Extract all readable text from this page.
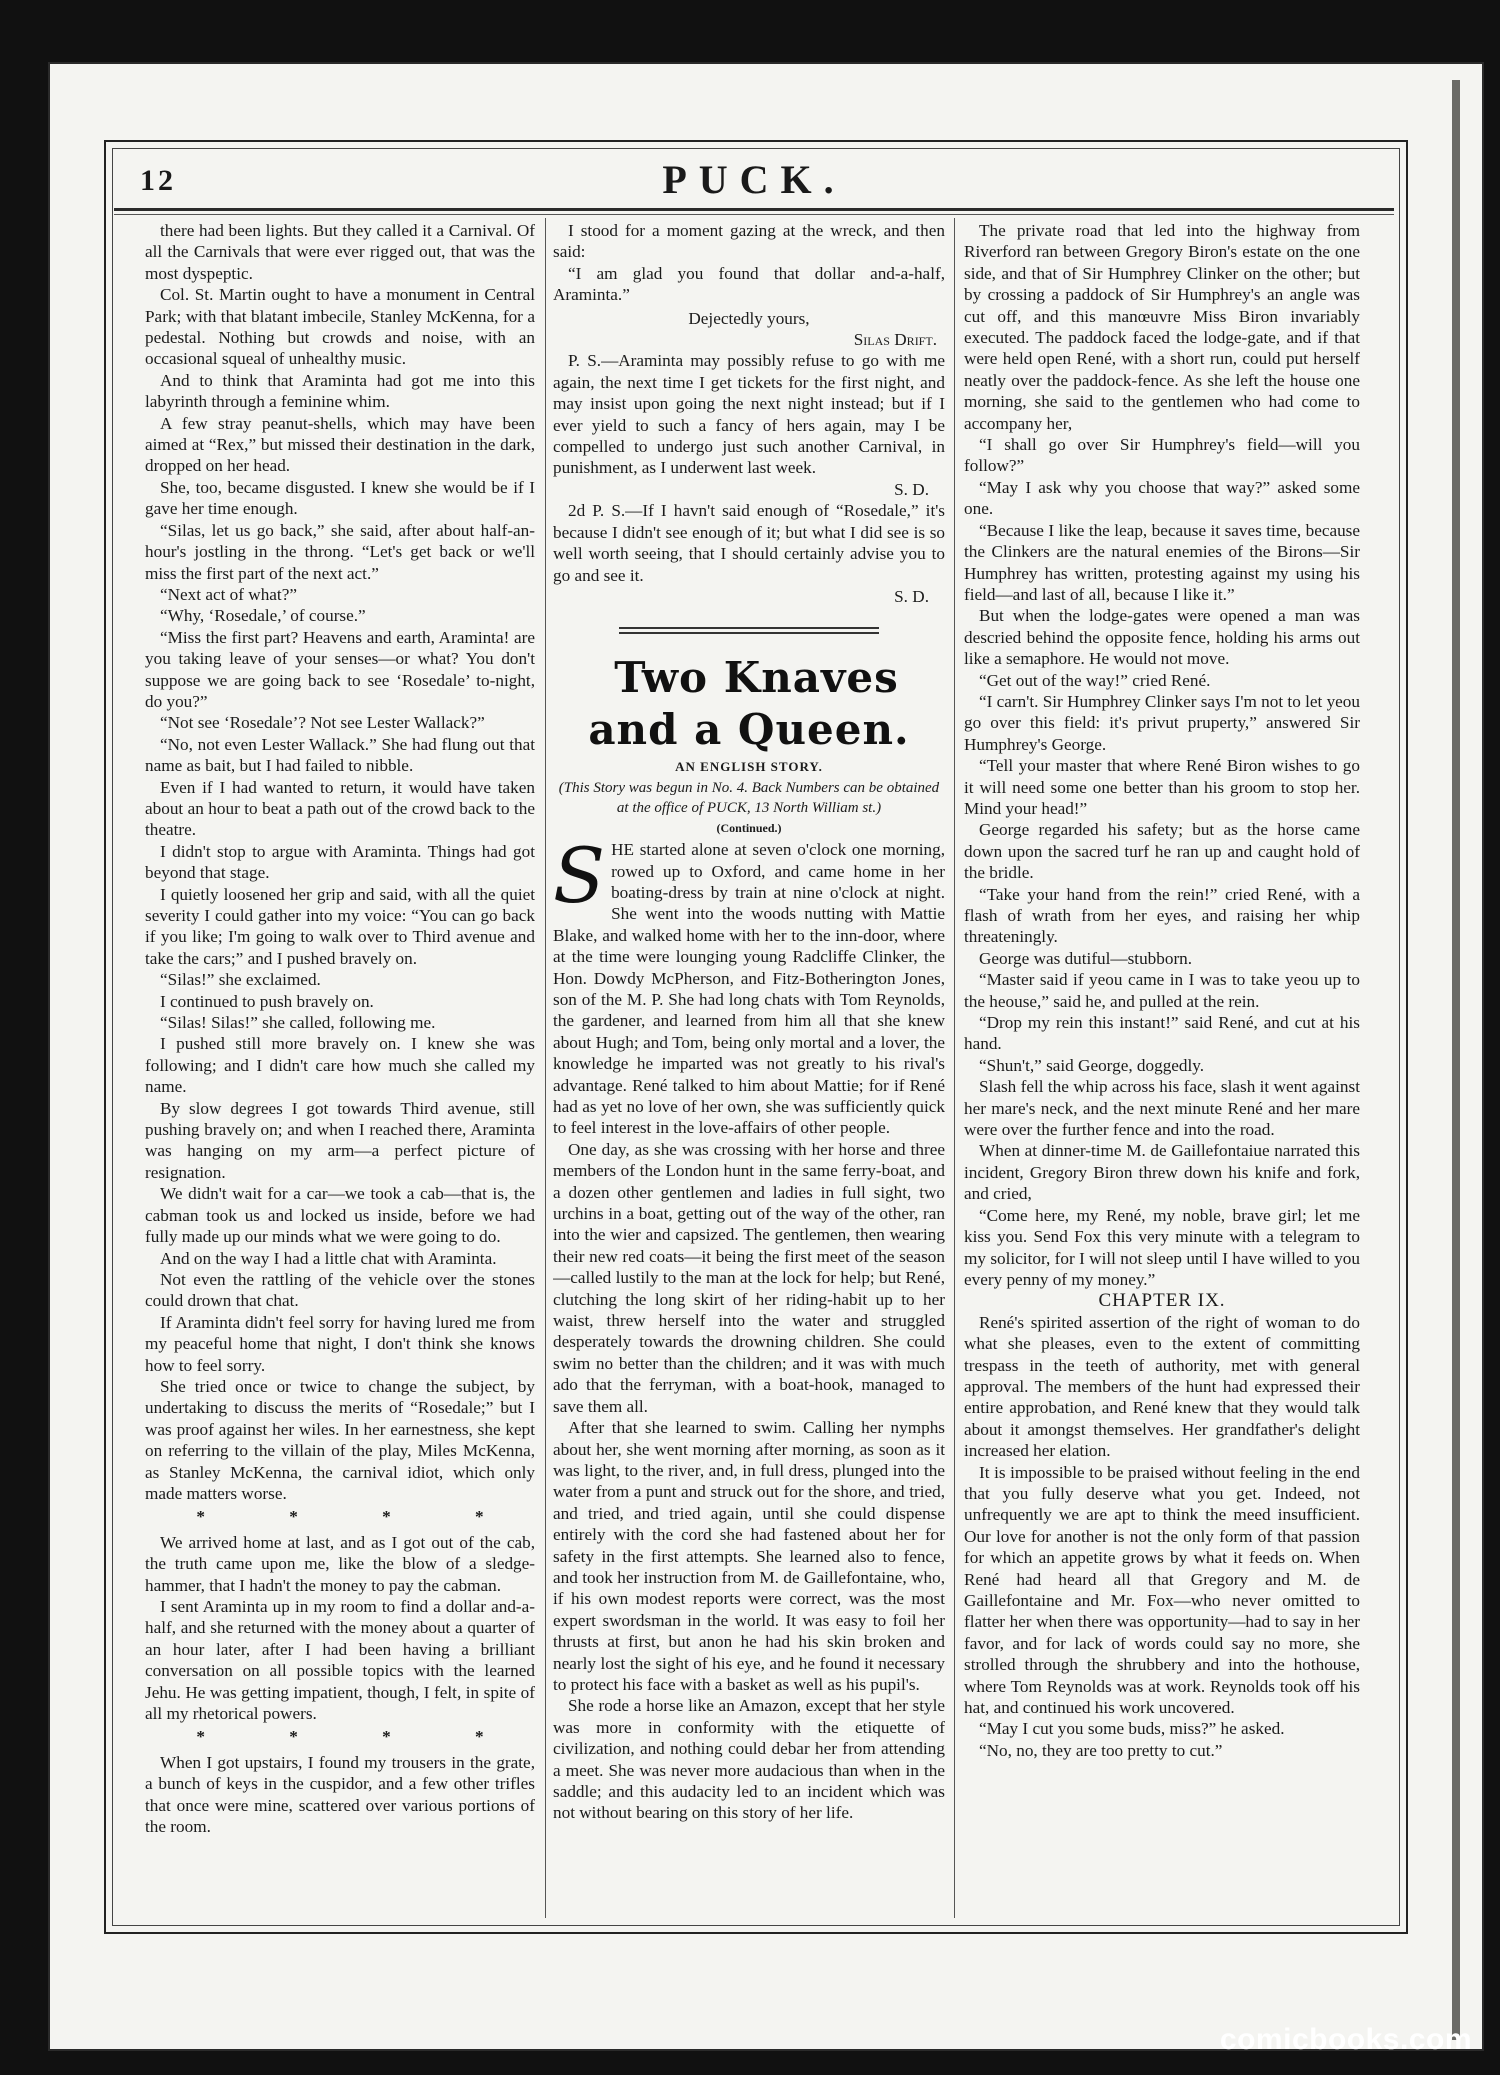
12	PUCK.

there had been lights. But they called it a Carnival. Of all the Carnivals that were ever rigged out, that was the most dyspeptic.

Col. St. Martin ought to have a monument in Central Park; with that blatant imbecile, Stanley McKenna, for a pedestal. Nothing but crowds and noise, with an occasional squeal of unhealthy music.

And to think that Araminta had got me into this labyrinth through a feminine whim.

A few stray peanut-shells, which may have been aimed at “Rex,” but missed their destination in the dark, dropped on her head.

She, too, became disgusted. I knew she would be if I gave her time enough.

“Silas, let us go back,” she said, after about half-an-hour's jostling in the throng. “Let's get back or we'll miss the first part of the next act.”

“Next act of what?”

“Why, ‘Rosedale,’ of course.”

“Miss the first part? Heavens and earth, Araminta! are you taking leave of your senses—or what? You don't suppose we are going back to see ‘Rosedale’ to-night, do you?”

“Not see ‘Rosedale’? Not see Lester Wallack?”

“No, not even Lester Wallack.” She had flung out that name as bait, but I had failed to nibble.

Even if I had wanted to return, it would have taken about an hour to beat a path out of the crowd back to the theatre.

I didn't stop to argue with Araminta. Things had got beyond that stage.

I quietly loosened her grip and said, with all the quiet severity I could gather into my voice: “You can go back if you like; I'm going to walk over to Third avenue and take the cars;” and I pushed bravely on.

“Silas!” she exclaimed.

I continued to push bravely on.

“Silas! Silas!” she called, following me.

I pushed still more bravely on. I knew she was following; and I didn't care how much she called my name.

By slow degrees I got towards Third avenue, still pushing bravely on; and when I reached there, Araminta was hanging on my arm—a perfect picture of resignation.

We didn't wait for a car—we took a cab—that is, the cabman took us and locked us inside, before we had fully made up our minds what we were going to do.

And on the way I had a little chat with Araminta.

Not even the rattling of the vehicle over the stones could drown that chat.

If Araminta didn't feel sorry for having lured me from my peaceful home that night, I don't think she knows how to feel sorry.

She tried once or twice to change the subject, by undertaking to discuss the merits of “Rosedale;” but I was proof against her wiles. In her earnestness, she kept on referring to the villain of the play, Miles McKenna, as Stanley McKenna, the carnival idiot, which only made matters worse.

* * * *

We arrived home at last, and as I got out of the cab, the truth came upon me, like the blow of a sledge-hammer, that I hadn't the money to pay the cabman.

I sent Araminta up in my room to find a dollar and-a-half, and she returned with the money about a quarter of an hour later, after I had been having a brilliant conversation on all possible topics with the learned Jehu. He was getting impatient, though, I felt, in spite of all my rhetorical powers.

* * * *

When I got upstairs, I found my trousers in the grate, a bunch of keys in the cuspidor, and a few other trifles that once were mine, scattered over various portions of the room.

I stood for a moment gazing at the wreck, and then said:

“I am glad you found that dollar and-a-half, Araminta.”

Dejectedly yours,

Silas Drift.

P. S.—Araminta may possibly refuse to go with me again, the next time I get tickets for the first night, and may insist upon going the next night instead; but if I ever yield to such a fancy of hers again, may I be compelled to undergo just such another Carnival, in punishment, as I underwent last week.

S. D.

2d P. S.—If I havn't said enough of “Rosedale,” it's because I didn't see enough of it; but what I did see is so well worth seeing, that I should certainly advise you to go and see it.

S. D.

Two Knaves and a Queen.

AN ENGLISH STORY.

(This Story was begun in No. 4. Back Numbers can be obtained at the office of PUCK, 13 North William st.)

(Continued.)

SHE started alone at seven o'clock one morning, rowed up to Oxford, and came home in her boating-dress by train at nine o'clock at night. She went into the woods nutting with Mattie Blake, and walked home with her to the inn-door, where at the time were lounging young Radcliffe Clinker, the Hon. Dowdy McPherson, and Fitz-Botherington Jones, son of the M. P. She had long chats with Tom Reynolds, the gardener, and learned from him all that she knew about Hugh; and Tom, being only mortal and a lover, the knowledge he imparted was not greatly to his rival's advantage. René talked to him about Mattie; for if René had as yet no love of her own, she was sufficiently quick to feel interest in the love-affairs of other people.

One day, as she was crossing with her horse and three members of the London hunt in the same ferry-boat, and a dozen other gentlemen and ladies in full sight, two urchins in a boat, getting out of the way of the other, ran into the wier and capsized. The gentlemen, then wearing their new red coats—it being the first meet of the season—called lustily to the man at the lock for help; but René, clutching the long skirt of her riding-habit up to her waist, threw herself into the water and struggled desperately towards the drowning children. She could swim no better than the children; and it was with much ado that the ferryman, with a boat-hook, managed to save them all.

After that she learned to swim. Calling her nymphs about her, she went morning after morning, as soon as it was light, to the river, and, in full dress, plunged into the water from a punt and struck out for the shore, and tried, and tried, and tried again, until she could dispense entirely with the cord she had fastened about her for safety in the first attempts. She learned also to fence, and took her instruction from M. de Gaillefontaine, who, if his own modest reports were correct, was the most expert swordsman in the world. It was easy to foil her thrusts at first, but anon he had his skin broken and nearly lost the sight of his eye, and he found it necessary to protect his face with a basket as well as his pupil's.

She rode a horse like an Amazon, except that her style was more in conformity with the etiquette of civilization, and nothing could debar her from attending a meet. She was never more audacious than when in the saddle; and this audacity led to an incident which was not without bearing on this story of her life.

The private road that led into the highway from Riverford ran between Gregory Biron's estate on the one side, and that of Sir Humphrey Clinker on the other; but by crossing a paddock of Sir Humphrey's an angle was cut off, and this manœuvre Miss Biron invariably executed. The paddock faced the lodge-gate, and if that were held open René, with a short run, could put herself neatly over the paddock-fence. As she left the house one morning, she said to the gentlemen who had come to accompany her,

“I shall go over Sir Humphrey's field—will you follow?”

“May I ask why you choose that way?” asked some one.

“Because I like the leap, because it saves time, because the Clinkers are the natural enemies of the Birons—Sir Humphrey has written, protesting against my using his field—and last of all, because I like it.”

But when the lodge-gates were opened a man was descried behind the opposite fence, holding his arms out like a semaphore. He would not move.

“Get out of the way!” cried René.

“I carn't. Sir Humphrey Clinker says I'm not to let yeou go over this field: it's privut pruperty,” answered Sir Humphrey's George.

“Tell your master that where René Biron wishes to go it will need some one better than his groom to stop her. Mind your head!”

George regarded his safety; but as the horse came down upon the sacred turf he ran up and caught hold of the bridle.

“Take your hand from the rein!” cried René, with a flash of wrath from her eyes, and raising her whip threateningly.

George was dutiful—stubborn.

“Master said if yeou came in I was to take yeou up to the heouse,” said he, and pulled at the rein.

“Drop my rein this instant!” said René, and cut at his hand.

“Shun't,” said George, doggedly.

Slash fell the whip across his face, slash it went against her mare's neck, and the next minute René and her mare were over the further fence and into the road.

When at dinner-time M. de Gaillefontaiue narrated this incident, Gregory Biron threw down his knife and fork, and cried,

“Come here, my René, my noble, brave girl; let me kiss you. Send Fox this very minute with a telegram to my solicitor, for I will not sleep until I have willed to you every penny of my money.”

CHAPTER IX.

René's spirited assertion of the right of woman to do what she pleases, even to the extent of committing trespass in the teeth of authority, met with general approval. The members of the hunt had expressed their entire approbation, and René knew that they would talk about it amongst themselves. Her grandfather's delight increased her elation.

It is impossible to be praised without feeling in the end that you fully deserve what you get. Indeed, not unfrequently we are apt to think the meed insufficient. Our love for another is not the only form of that passion for which an appetite grows by what it feeds on. When René had heard all that Gregory and M. de Gaillefontaine and Mr. Fox—who never omitted to flatter her when there was opportunity—had to say in her favor, and for lack of words could say no more, she strolled through the shrubbery and into the hothouse, where Tom Reynolds was at work. Reynolds took off his hat, and continued his work uncovered.

“May I cut you some buds, miss?” he asked.

“No, no, they are too pretty to cut.”

comicbooks.com
